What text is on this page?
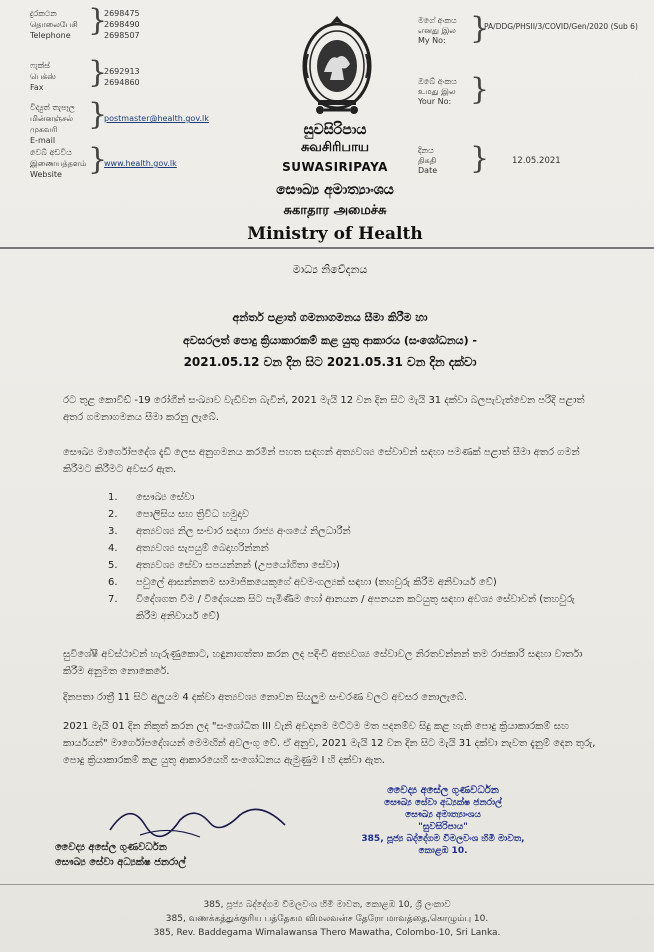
දුරකථන
தொலைபேசி
Telephone }
2698475
2698490
2698507
ෆැක්ස්
பெக்ஸ்
Fax	}
2692913
2694860
විද්‍යුත් තැපෑල
மின்னஞ்சல் முகவரி
E-mail
}
postmaster@health.gov.lk
වෙබ් අඩවිය
இணையத்தளம்
Website }
www.health.gov.lk
මගේ අංකය
எனது இல
My No: }
PA/DDG/PHSII/3/COVID/Gen/2020 (Sub 6)
ඔබේ අංකය
உமது இல
Your No: }
දිනය
திகதி
Date	}	12.05.2021
සුවසිරිපාය
சுவசிரிபாய
SUWASIRIPAYA
සෞඛ්‍ය අමාත්‍යාංශය
சுகாதார அமைச்சு
Ministry of Health
මාධ්‍ය නිවේදනය
අන්තර් පළාත් ගමනාගමනය සීමා කිරීම හා
අවසරලත් පොදු ක්‍රියාකාරකම් කළ යුතු ආකාරය (සංශෝධනය) -
2021.05.12 වන දින සිට 2021.05.31 වන දින දක්වා
රට තුළ කොවිඩ් -19 රෝගීන් සංඛ්‍යාව වැඩිවන බැවින්, 2021 මැයි 12 වන දින සිට මැයි 31 දක්වා බලපැවැත්වෙන පරිදි පළාත් අතර ගමනාගමනය සීමා කරනු ලැබේ.
සෞඛ්‍ය මාර්ගෝපදේශ දැඩි ලෙස අනුගමනය කරමින් පහත සඳහන් අත්‍යවශ්‍ය සේවාවන් සඳහා පමණක් පළාත් සීමා අතර ගමන් කිරීමට කිරීමට අවසර ඇත.
1. සෞඛ්‍ය සේවා
2. පොලිසිය සහ ත්‍රිවිධ හමුදාව
3. අත්‍යවශ්‍ය නිල සංචාර සඳහා රාජ්‍ය අංශයේ නිලධාරීන්
4. අත්‍යවශ්‍ය සැපයුම් බෙදාහරින්නන්
5. අත්‍යවශ්‍ය සේවා සපයන්නන් (උපයෝගිතා සේවා)
6. පවුලේ ආසන්නතම සාමාජිකයෙකුගේ අවමංගල්‍යක් සඳහා (තහවුරු කිරීම අනිවාර්ය වේ)
7. විදේශගත වීම / විදේශයක සිට පැමිණීම හෝ ආනයන / අපනයන කටයුතු සඳහා අවශ්‍ය සේවාවන් (තහවුරු කිරීම අනිවාර්ය වේ)
සුවිශේෂී අවස්ථාවන් හැරුණුකොට, හඳුනාගත්තා කරන ලද පදිංචි අත්‍යවශ්‍ය සේවාවල නිරතවන්නන් තම රාජකාරි සඳහා වාර්තා කිරීම අනුමත නොකෙරේ.
දිනපතා රාත්‍රී 11 සිට අලුයම 4 දක්වා අත්‍යවශ්‍ය නොවන සියලුම සංචරණ වලට අවසර නොලැබේ.
2021 මැයි 01 දින නිකුත් කරන ලද "සංශෝධිත III වැනි අවදානම මට්ටම මත පදනම්ව සිදු කළ හැකි පොදු ක්‍රියාකාරකම් සහ කාර්යයන්" මාර්ගෝපදේශයන් මෙමඟින් අවලංගු වේ. ඒ අනුව, 2021 මැයි 12 වන දින සිට මැයි 31 දක්වා නැවත දැනුම් දෙන තුරු, පොදු ක්‍රියාකාරකම් කළ යුතු ආකාරයෙහි සංශෝධනය ඇමුණුම I හි දක්වා ඇත.
වෛද්‍ය අසේල ගුණවර්ධන
සෞඛ්‍ය සේවා අධ්‍යක්ෂ ජනරාල්
සෞඛ්‍ය අමාත්‍යාංශය
"සුවසිරිපාය"
385, පූජ්‍ය බද්දේගම විමලවංශ හිමි මාවත,
කොළඹ 10.
වෛද්‍ය අසේල ගුණවර්ධන
සෞඛ්‍ය සේවා අධ්‍යක්ෂ ජනරාල්
385, පූජ්‍ය බද්දේගම විමලවංශ හිමි මාවත, කොළඹ 10, ශ්‍රී ලංකාව
385, வணக்கத்துக்குரிய பத்தேகம விமலவன்ச தேரோ மாவத்தை,கொழும்பு 10.
385, Rev. Baddegama Wimalawansa Thero Mawatha, Colombo-10, Sri Lanka.
